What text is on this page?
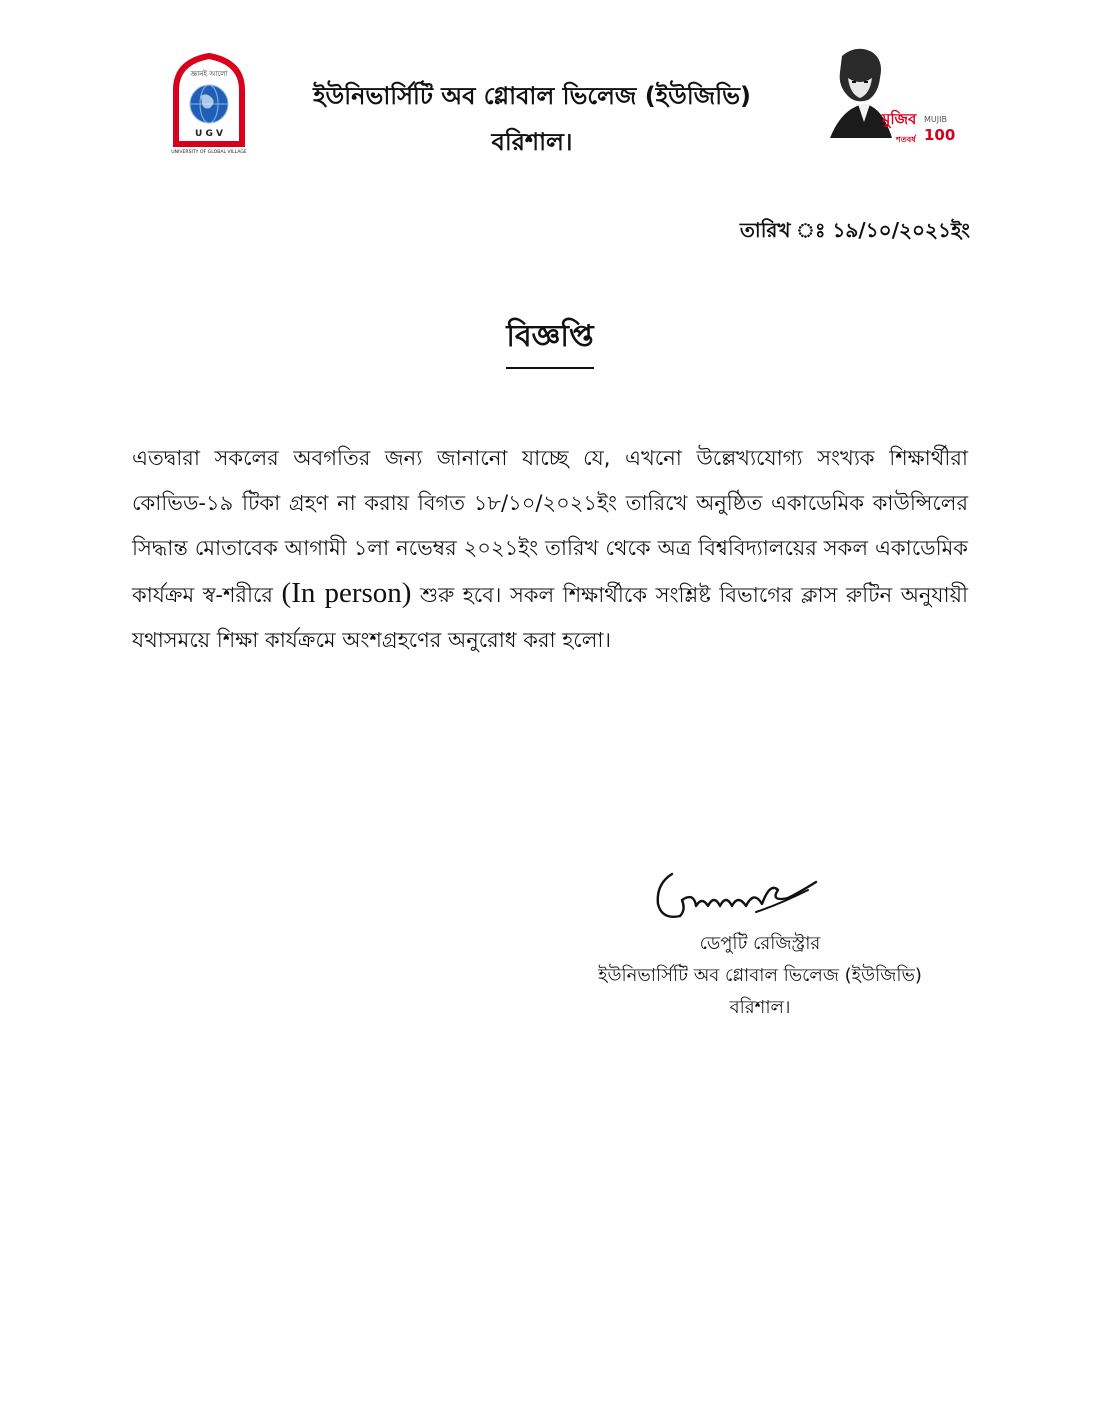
জ্ঞানই আলো
U G V
UNIVERSITY OF GLOBAL VILLAGE
ইউনিভার্সিটি অব গ্লোবাল ভিলেজ (ইউজিভি)
বরিশাল।
মুজিব
শতবর্ষ
MUJIB
100
তারিখ ঃ ১৯/১০/২০২১ইং
বিজ্ঞপ্তি
এতদ্বারা সকলের অবগতির জন্য জানানো যাচ্ছে যে, এখনো উল্লেখ্যযোগ্য সংখ্যক শিক্ষার্থীরা কোভিড-১৯ টিকা গ্রহণ না করায় বিগত ১৮/১০/২০২১ইং তারিখে অনুষ্ঠিত একাডেমিক কাউন্সিলের সিদ্ধান্ত মোতাবেক আগামী ১লা নভেম্বর ২০২১ইং তারিখ থেকে অত্র বিশ্ববিদ্যালয়ের সকল একাডেমিক কার্যক্রম স্ব-শরীরে (In person) শুরু হবে। সকল শিক্ষার্থীকে সংশ্লিষ্ট বিভাগের ক্লাস রুটিন অনুযায়ী যথাসময়ে শিক্ষা কার্যক্রমে অংশগ্রহণের অনুরোধ করা হলো।
ডেপুটি রেজিস্ট্রার
ইউনিভার্সিটি অব গ্লোবাল ভিলেজ (ইউজিভি)
বরিশাল।
